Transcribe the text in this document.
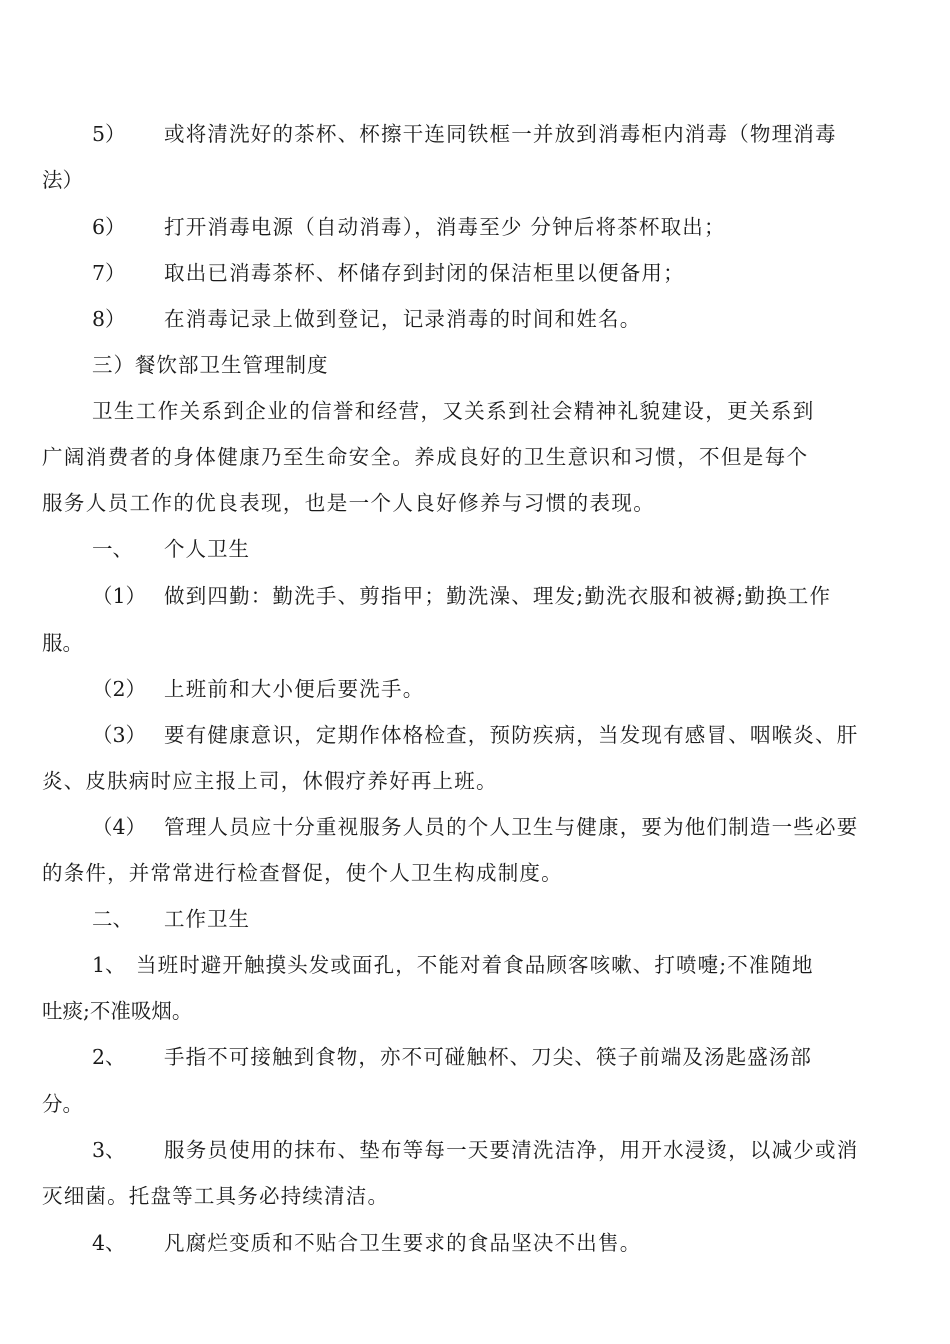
5） 或将清洗好的茶杯、杯擦干连同铁框一并放到消毒柜内消毒（物理消毒
法）
6） 打开消毒电源（自动消毒），消毒至少 分钟后将茶杯取出；
7） 取出已消毒茶杯、杯储存到封闭的保洁柜里以便备用；
8） 在消毒记录上做到登记，记录消毒的时间和姓名。
三）餐饮部卫生管理制度
卫生工作关系到企业的信誉和经营，又关系到社会精神礼貌建设，更关系到
广阔消费者的身体健康乃至生命安全。养成良好的卫生意识和习惯，不但是每个
服务人员工作的优良表现，也是一个人良好修养与习惯的表现。
一、 个人卫生
（1） 做到四勤：勤洗手、剪指甲；勤洗澡、理发;勤洗衣服和被褥;勤换工作
服。
（2） 上班前和大小便后要洗手。
（3） 要有健康意识，定期作体格检查，预防疾病，当发现有感冒、咽喉炎、肝
炎、皮肤病时应主报上司，休假疗养好再上班。
（4） 管理人员应十分重视服务人员的个人卫生与健康，要为他们制造一些必要
的条件，并常常进行检查督促，使个人卫生构成制度。
二、 工作卫生
1、 当班时避开触摸头发或面孔，不能对着食品顾客咳嗽、打喷嚏;不准随地
吐痰;不准吸烟。
2、 手指不可接触到食物，亦不可碰触杯、刀尖、筷子前端及汤匙盛汤部
分。
3、 服务员使用的抹布、垫布等每一天要清洗洁净，用开水浸烫，以减少或消
灭细菌。托盘等工具务必持续清洁。
4、 凡腐烂变质和不贴合卫生要求的食品坚决不出售。
